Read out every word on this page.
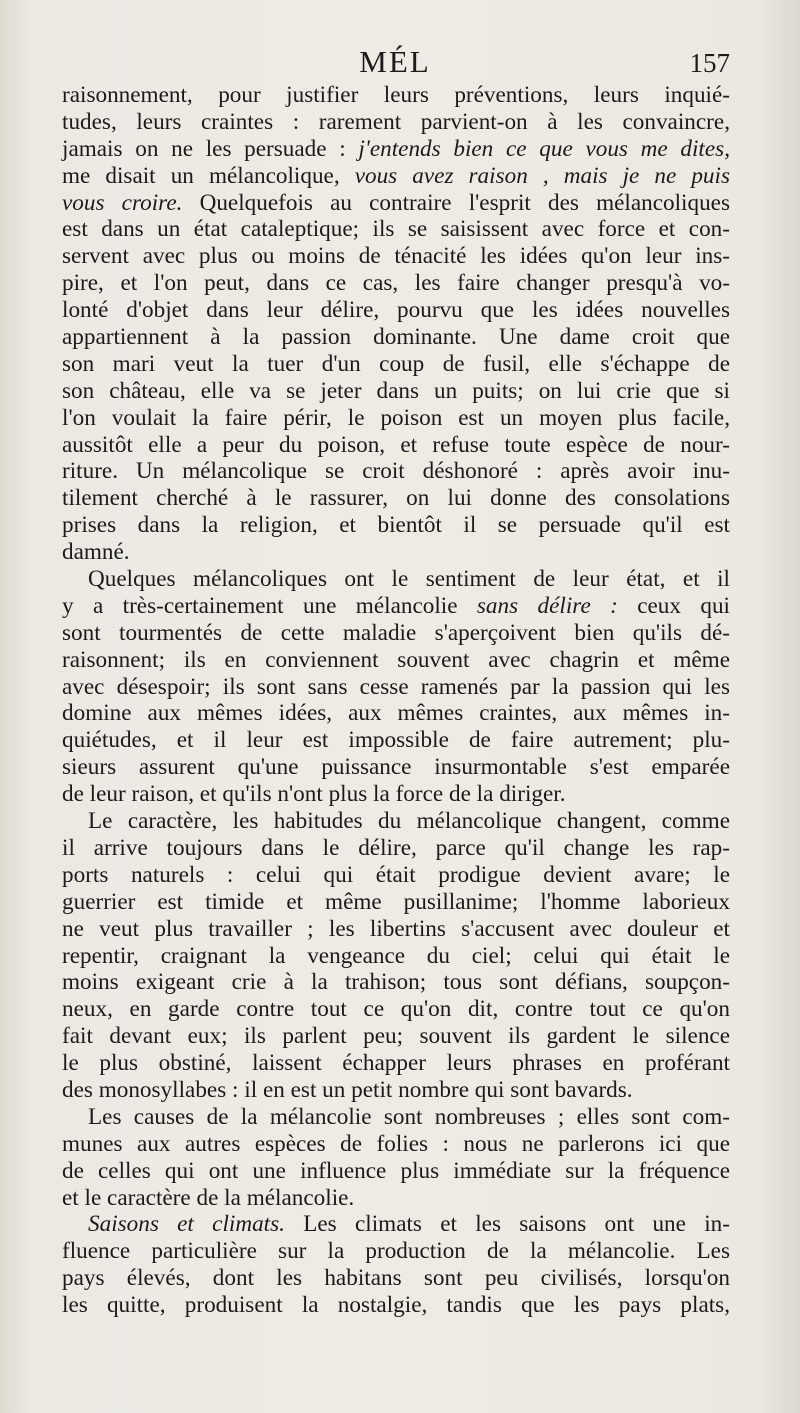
MÉL	157
raisonnement, pour justifier leurs préventions, leurs inquié-
tudes, leurs craintes : rarement parvient-on à les convaincre,
jamais on ne les persuade : j'entends bien ce que vous me dites,
me disait un mélancolique, vous avez raison , mais je ne puis
vous croire. Quelquefois au contraire l'esprit des mélancoliques
est dans un état cataleptique; ils se saisissent avec force et con-
servent avec plus ou moins de ténacité les idées qu'on leur ins-
pire, et l'on peut, dans ce cas, les faire changer presqu'à vo-
lonté d'objet dans leur délire, pourvu que les idées nouvelles
appartiennent à la passion dominante. Une dame croit que
son mari veut la tuer d'un coup de fusil, elle s'échappe de
son château, elle va se jeter dans un puits; on lui crie que si
l'on voulait la faire périr, le poison est un moyen plus facile,
aussitôt elle a peur du poison, et refuse toute espèce de nour-
riture. Un mélancolique se croit déshonoré : après avoir inu-
tilement cherché à le rassurer, on lui donne des consolations
prises dans la religion, et bientôt il se persuade qu'il est
damné.
Quelques mélancoliques ont le sentiment de leur état, et il
y a très-certainement une mélancolie sans délire : ceux qui
sont tourmentés de cette maladie s'aperçoivent bien qu'ils dé-
raisonnent; ils en conviennent souvent avec chagrin et même
avec désespoir; ils sont sans cesse ramenés par la passion qui les
domine aux mêmes idées, aux mêmes craintes, aux mêmes in-
quiétudes, et il leur est impossible de faire autrement; plu-
sieurs assurent qu'une puissance insurmontable s'est emparée
de leur raison, et qu'ils n'ont plus la force de la diriger.
Le caractère, les habitudes du mélancolique changent, comme
il arrive toujours dans le délire, parce qu'il change les rap-
ports naturels : celui qui était prodigue devient avare; le
guerrier est timide et même pusillanime; l'homme laborieux
ne veut plus travailler ; les libertins s'accusent avec douleur et
repentir, craignant la vengeance du ciel; celui qui était le
moins exigeant crie à la trahison; tous sont défians, soupçon-
neux, en garde contre tout ce qu'on dit, contre tout ce qu'on
fait devant eux; ils parlent peu; souvent ils gardent le silence
le plus obstiné, laissent échapper leurs phrases en proférant
des monosyllabes : il en est un petit nombre qui sont bavards.
Les causes de la mélancolie sont nombreuses ; elles sont com-
munes aux autres espèces de folies : nous ne parlerons ici que
de celles qui ont une influence plus immédiate sur la fréquence
et le caractère de la mélancolie.
Saisons et climats. Les climats et les saisons ont une in-
fluence particulière sur la production de la mélancolie. Les
pays élevés, dont les habitans sont peu civilisés, lorsqu'on
les quitte, produisent la nostalgie, tandis que les pays plats,
